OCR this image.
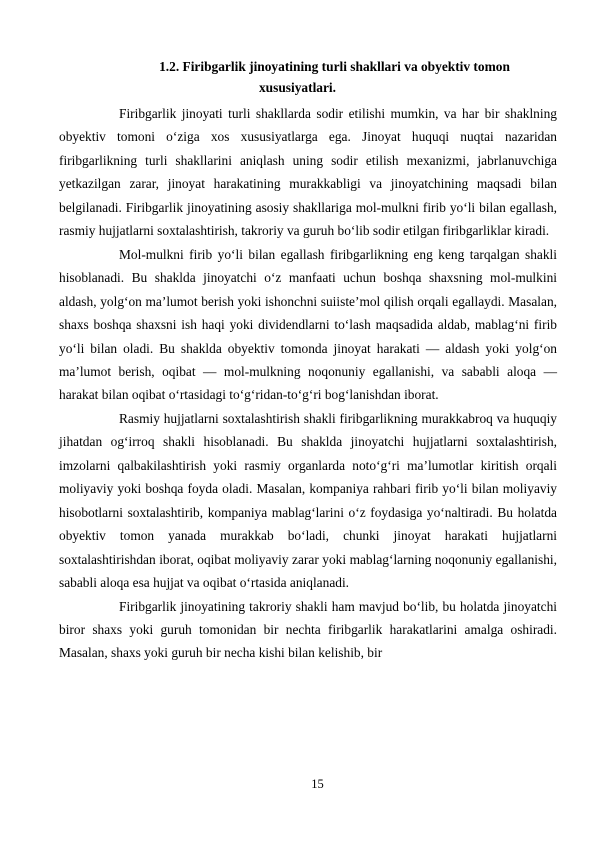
1.2. Firibgarlik jinoyatining turli shakllari va obyektiv tomon
xususiyatlari.

Firibgarlik jinoyati turli shakllarda sodir etilishi mumkin, va har bir shaklning obyektiv tomoni o‘ziga xos xususiyatlarga ega. Jinoyat huquqi nuqtai nazaridan firibgarlikning turli shakllarini aniqlash uning sodir etilish mexanizmi, jabrlanuvchiga yetkazilgan zarar, jinoyat harakatining murakkabligi va jinoyatchining maqsadi bilan belgilanadi. Firibgarlik jinoyatining asosiy shakllariga mol-mulkni firib yo‘li bilan egallash, rasmiy hujjatlarni soxtalashtirish, takroriy va guruh bo‘lib sodir etilgan firibgarliklar kiradi.

Mol-mulkni firib yo‘li bilan egallash firibgarlikning eng keng tarqalgan shakli hisoblanadi. Bu shaklda jinoyatchi o‘z manfaati uchun boshqa shaxsning mol-mulkini aldash, yolg‘on ma’lumot berish yoki ishonchni suiiste’mol qilish orqali egallaydi. Masalan, shaxs boshqa shaxsni ish haqi yoki dividendlarni to‘lash maqsadida aldab, mablag‘ni firib yo‘li bilan oladi. Bu shaklda obyektiv tomonda jinoyat harakati — aldash yoki yolg‘on ma’lumot berish, oqibat — mol-mulkning noqonuniy egallanishi, va sababli aloqa — harakat bilan oqibat o‘rtasidagi to‘g‘ridan-to‘g‘ri bog‘lanishdan iborat.

Rasmiy hujjatlarni soxtalashtirish shakli firibgarlikning murakkabroq va huquqiy jihatdan og‘irroq shakli hisoblanadi. Bu shaklda jinoyatchi hujjatlarni soxtalashtirish, imzolarni qalbakilashtirish yoki rasmiy organlarda noto‘g‘ri ma’lumotlar kiritish orqali moliyaviy yoki boshqa foyda oladi. Masalan, kompaniya rahbari firib yo‘li bilan moliyaviy hisobotlarni soxtalashtirib, kompaniya mablag‘larini o‘z foydasiga yo‘naltiradi. Bu holatda obyektiv tomon yanada murakkab bo‘ladi, chunki jinoyat harakati hujjatlarni soxtalashtirishdan iborat, oqibat moliyaviy zarar yoki mablag‘larning noqonuniy egallanishi, sababli aloqa esa hujjat va oqibat o‘rtasida aniqlanadi.

Firibgarlik jinoyatining takroriy shakli ham mavjud bo‘lib, bu holatda jinoyatchi biror shaxs yoki guruh tomonidan bir nechta firibgarlik harakatlarini amalga oshiradi. Masalan, shaxs yoki guruh bir necha kishi bilan kelishib, bir

15
